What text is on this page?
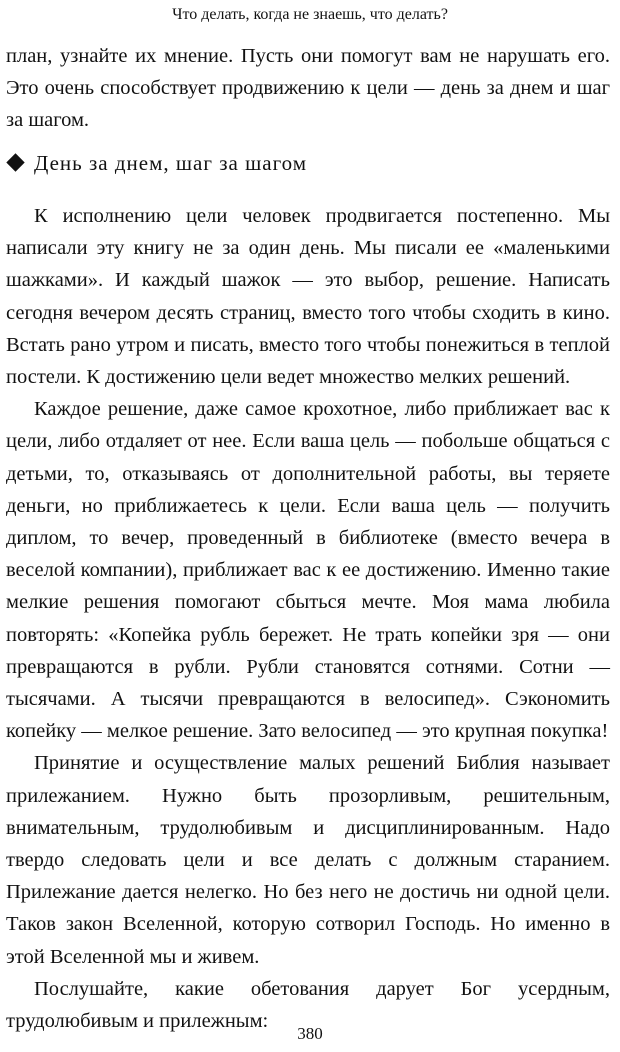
Что делать, когда не знаешь, что делать?

план, узнайте их мнение. Пусть они помогут вам не нарушать его. Это очень способствует продвижению к цели — день за днем и шаг за шагом.

День за днем, шаг за шагом

К исполнению цели человек продвигается постепенно. Мы написали эту книгу не за один день. Мы писали ее «маленькими шажками». И каждый шажок — это выбор, решение. Написать сегодня вечером десять страниц, вместо того чтобы сходить в кино. Встать рано утром и писать, вместо того чтобы понежиться в теплой постели. К достижению цели ведет множество мелких решений.

Каждое решение, даже самое крохотное, либо приближает вас к цели, либо отдаляет от нее. Если ваша цель — побольше общаться с детьми, то, отказываясь от дополнительной работы, вы теряете деньги, но приближаетесь к цели. Если ваша цель — получить диплом, то вечер, проведенный в библиотеке (вместо вечера в веселой компании), приближает вас к ее достижению. Именно такие мелкие решения помогают сбыться мечте. Моя мама любила повторять: «Копейка рубль бережет. Не трать копейки зря — они превращаются в рубли. Рубли становятся сотнями. Сотни — тысячами. А тысячи превращаются в велосипед». Сэкономить копейку — мелкое решение. Зато велосипед — это крупная покупка!

Принятие и осуществление малых решений Библия называет прилежанием. Нужно быть прозорливым, решительным, внимательным, трудолюбивым и дисциплинированным. Надо твердо следовать цели и все делать с должным старанием. Прилежание дается нелегко. Но без него не достичь ни одной цели. Таков закон Вселенной, которую сотворил Господь. Но именно в этой Вселенной мы и живем.

Послушайте, какие обетования дарует Бог усердным, трудолюбивым и прилежным:

380
